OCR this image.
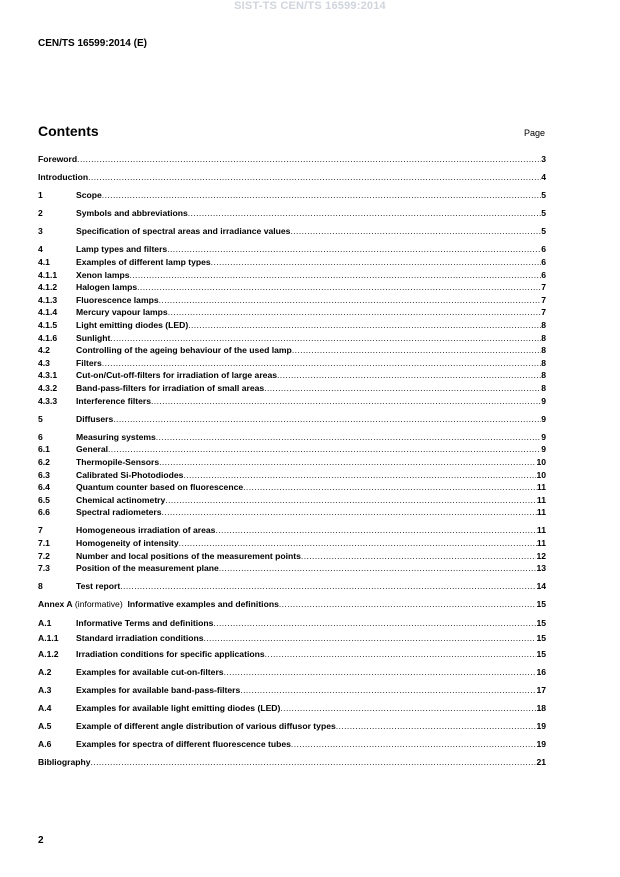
SIST-TS CEN/TS 16599:2014
CEN/TS 16599:2014 (E)
Contents	Page
Foreword .....	3
Introduction .....	4
1	Scope .....	5
2	Symbols and abbreviations .....	5
3	Specification of spectral areas and irradiance values .....	5
4	Lamp types and filters .....	6
4.1	Examples of different lamp types .....	6
4.1.1 Xenon lamps .....	6
4.1.2 Halogen lamps .....	7
4.1.3 Fluorescence lamps .....	7
4.1.4 Mercury vapour lamps .....	7
4.1.5 Light emitting diodes (LED) .....	8
4.1.6 Sunlight .....	8
4.2	Controlling of the ageing behaviour of the used lamp .....	8
4.3	Filters .....	8
4.3.1 Cut-on/Cut-off-filters for irradiation of large areas .....	8
4.3.2 Band-pass-filters for irradiation of small areas .....	8
4.3.3 Interference filters .....	9
5	Diffusers .....	9
6	Measuring systems .....	9
6.1	General .....	9
6.2	Thermopile-Sensors .....	10
6.3	Calibrated Si-Photodiodes .....	10
6.4	Quantum counter based on fluorescence .....	11
6.5	Chemical actinometry .....	11
6.6	Spectral radiometers .....	11
7	Homogeneous irradiation of areas .....	11
7.1	Homogeneity of intensity .....	11
7.2	Number and local positions of the measurement points .....	12
7.3	Position of the measurement plane .....	13
8	Test report .....	14
Annex A (informative)  Informative examples and definitions .....	15
A.1	Informative Terms and definitions .....	15
A.1.1 Standard irradiation conditions .....	15
A.1.2 Irradiation conditions for specific applications .....	15
A.2	Examples for available cut-on-filters .....	16
A.3	Examples for available band-pass-filters .....	17
A.4	Examples for available light emitting diodes (LED) .....	18
A.5	Example of different angle distribution of various diffusor types .....	19
A.6	Examples for spectra of different fluorescence tubes .....	19
Bibliography .....	21
2
